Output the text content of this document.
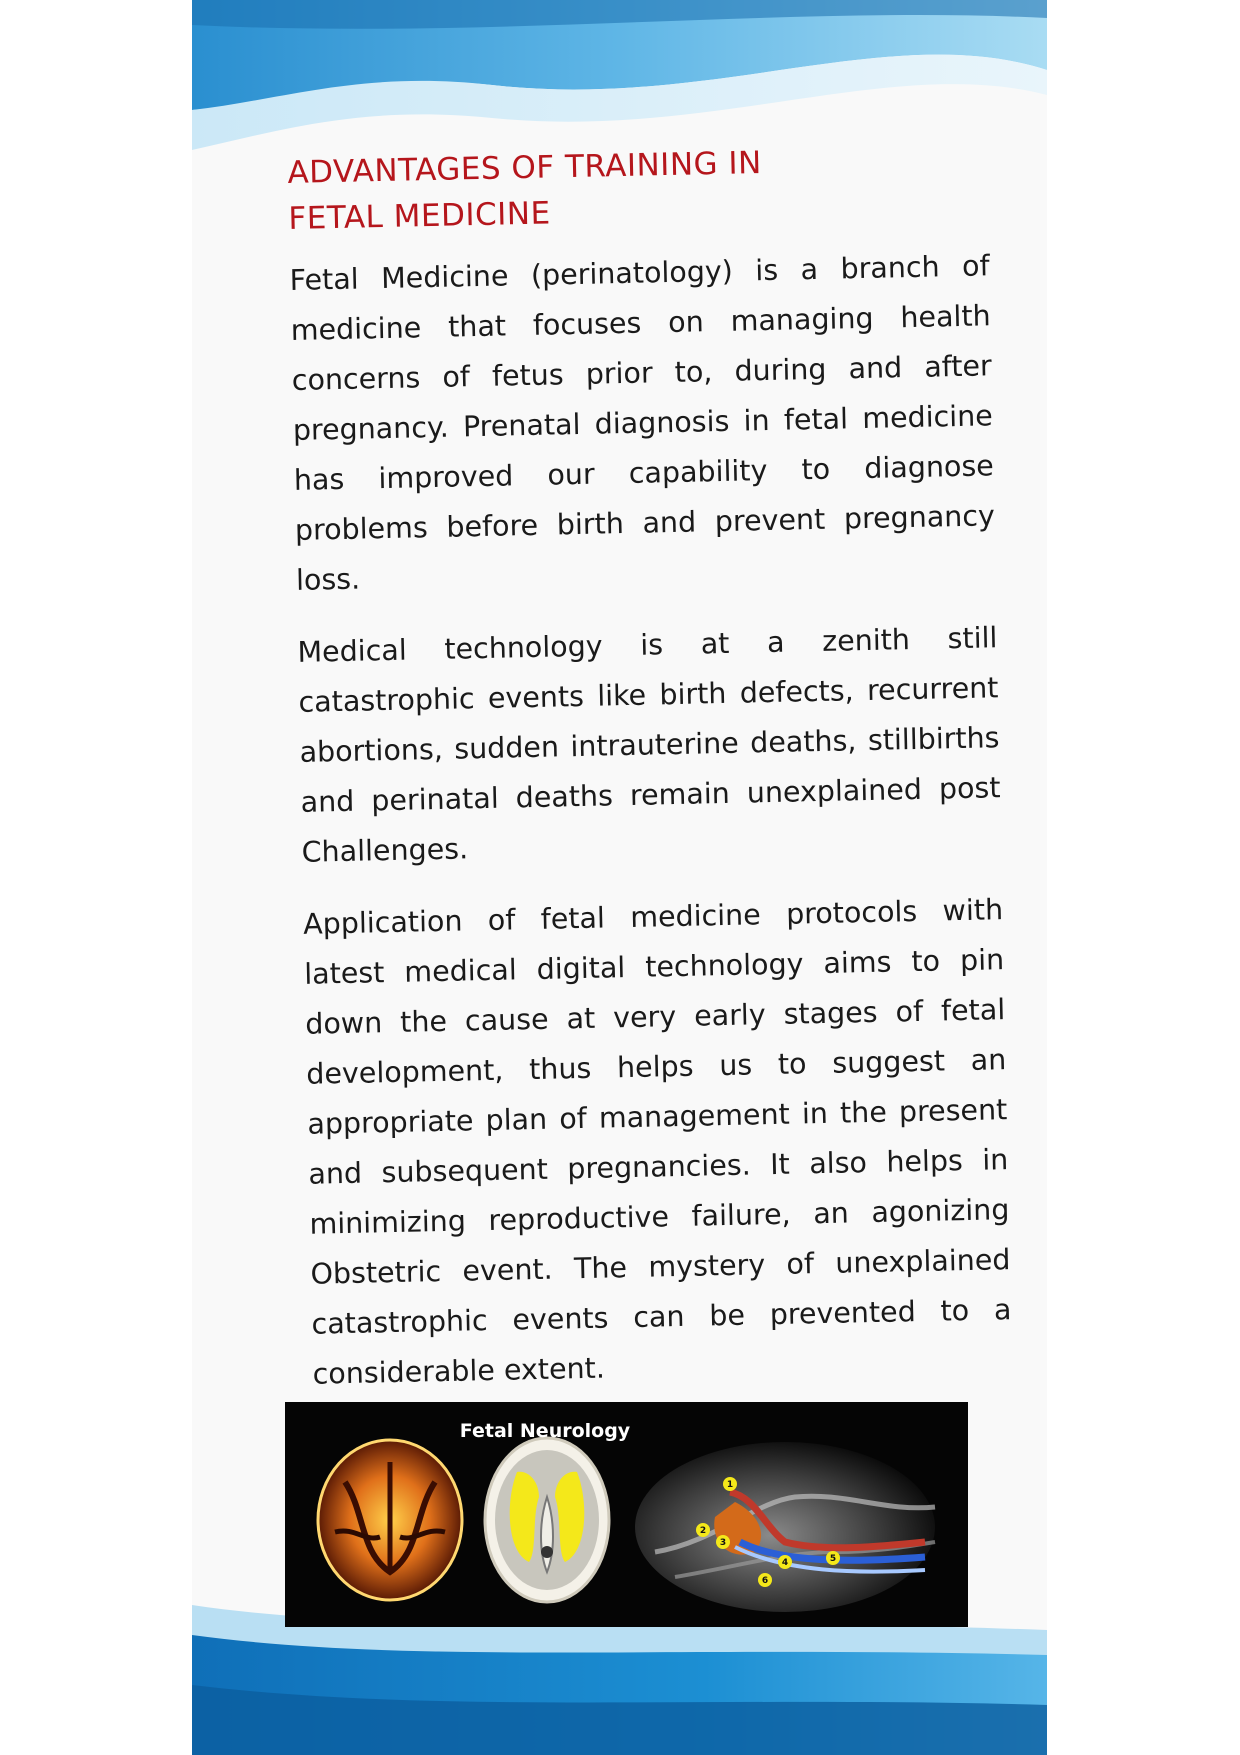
ADVANTAGES OF TRAINING IN
FETAL MEDICINE

Fetal Medicine (perinatology) is a branch of medicine that focuses on managing health concerns of fetus prior to, during and after pregnancy. Prenatal diagnosis in fetal medicine has improved our capability to diagnose problems before birth and prevent pregnancy loss.

Medical technology is at a zenith still catastrophic events like birth defects, recurrent abortions, sudden intrauterine deaths, stillbirths and perinatal deaths remain unexplained post Challenges.

Application of fetal medicine protocols with latest medical digital technology aims to pin down the cause at very early stages of fetal development, thus helps us to suggest an appropriate plan of management in the present and subsequent pregnancies. It also helps in minimizing reproductive failure, an agonizing Obstetric event. The mystery of unexplained catastrophic events can be prevented to a considerable extent.

1
2
3
4	5
6
Fetal Neurology
